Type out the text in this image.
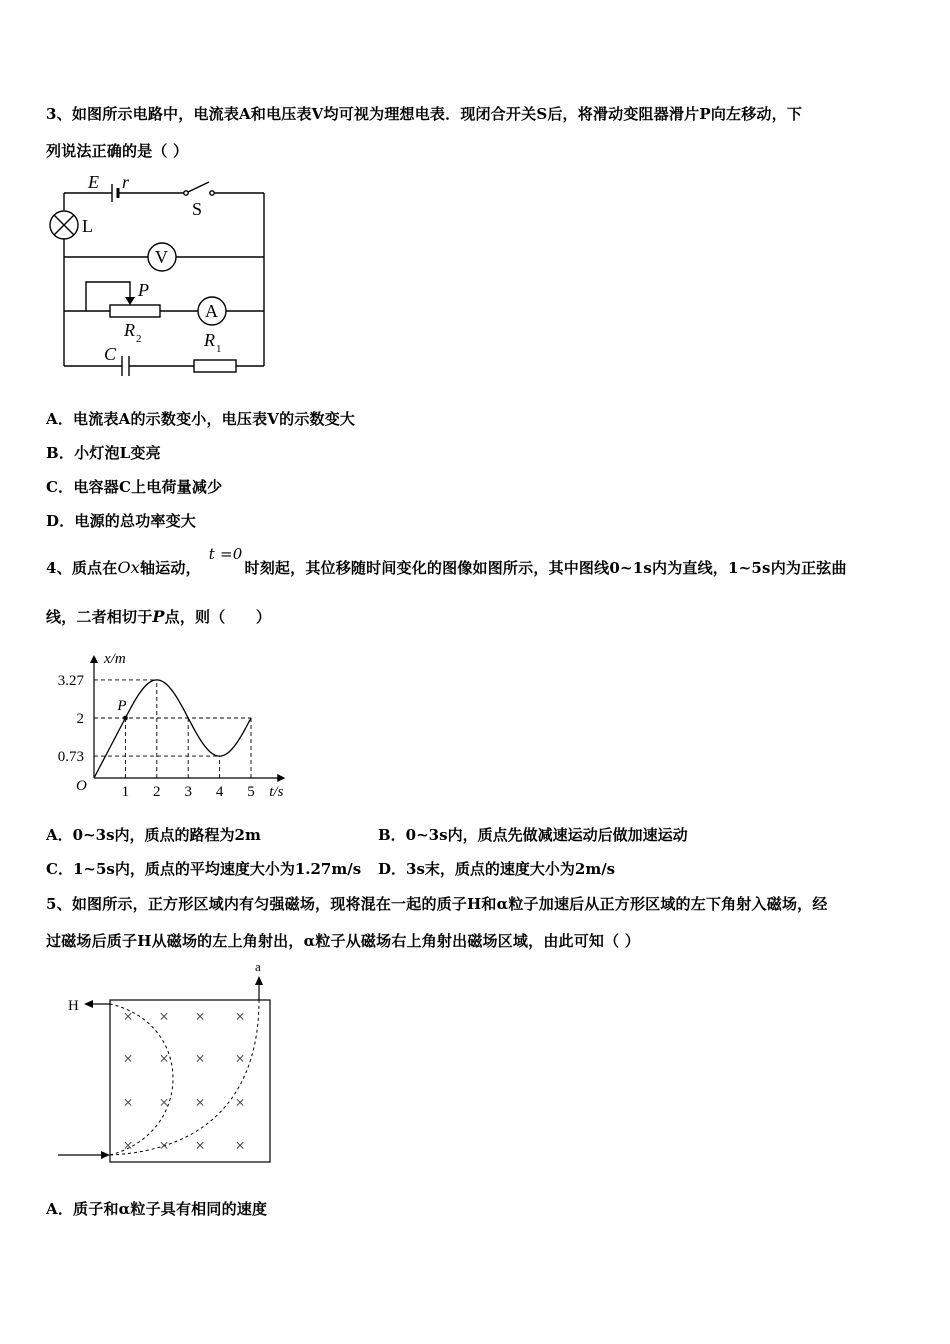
3、如图所示电路中，电流表A和电压表V均可视为理想电表．现闭合开关S后，将滑动变阻器滑片P向左移动，下
列说法正确的是（ ）
E r
S
L
V
A
P
R 2
C
R 1
A．电流表A的示数变小，电压表V的示数变大
B．小灯泡L变亮
C．电容器C上电荷量减少
D．电源的总功率变大
4、质点在Ox轴运动，t =0时刻起，其位移随时间变化的图像如图所示，其中图线0~1s内为直线，1~5s内为正弦曲
线，二者相切于P点，则（　　）
x/m
t/s
O
P
1 2 3 4 5
0.73
2
3.27
A．0~3s内，质点的路程为2m	B．0~3s内，质点先做减速运动后做加速运动
C．1~5s内，质点的平均速度大小为1.27m/s D．3s末，质点的速度大小为2m/s
5、如图所示，正方形区域内有匀强磁场，现将混在一起的质子H和α粒子加速后从正方形区域的左下角射入磁场，经
过磁场后质子H从磁场的左上角射出，α粒子从磁场右上角射出磁场区域，由此可知（ ）
H
a
× × × ×
× × × ×
× × × ×
× × × ×
A．质子和α粒子具有相同的速度
